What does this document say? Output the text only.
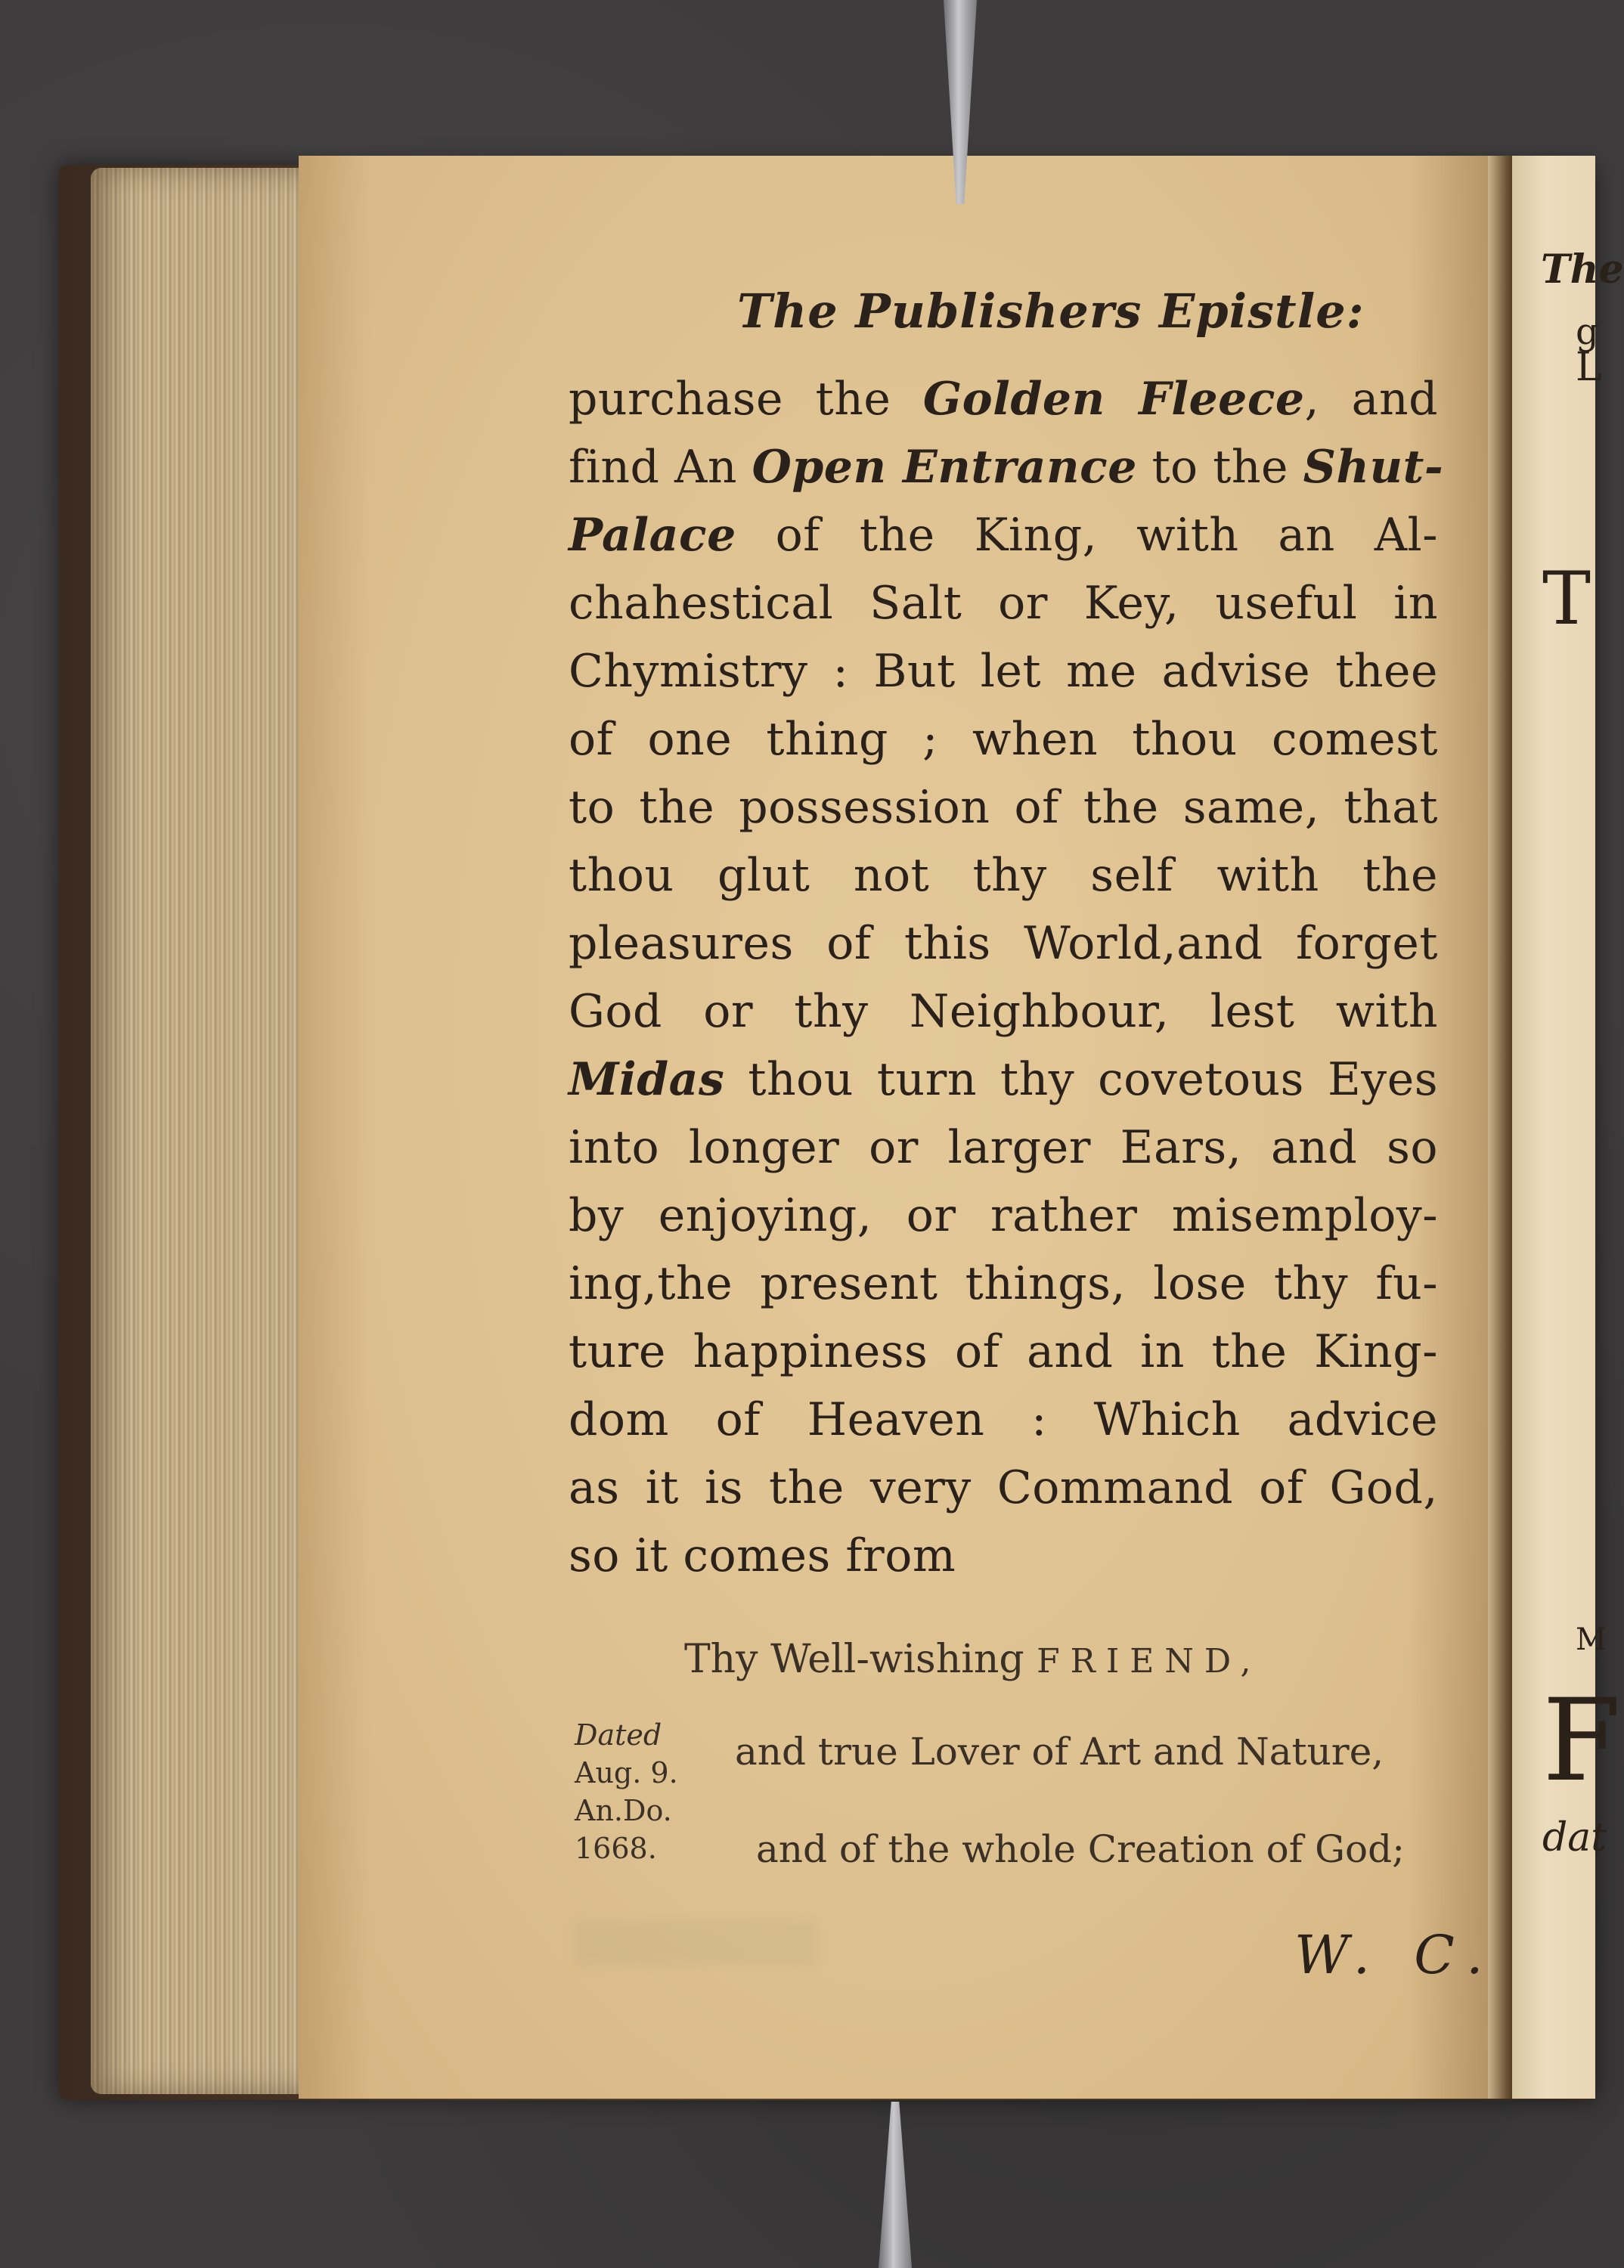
The
g
L
T
M
F
dat
The Publishers Epistle:
purchase the Golden Fleece, and
find An Open Entrance to the Shut-
Palace of the King, with an Al-
chahestical Salt or Key, useful in
Chymistry : But let me advise thee
of one thing ; when thou comest
to the possession of the same, that
thou glut not thy self with the
pleasures of this World,and forget
God or thy Neighbour, lest with
Midas thou turn thy covetous Eyes
into longer or larger Ears, and so
by enjoying, or rather misemploy-
ing,the present things, lose thy fu-
ture happiness of and in the King-
dom of Heaven : Which advice
as it is the very Command of God,
so it comes from
Thy Well-wishing FRIEND,
Dated
Aug. 9.
An.Do.
1668.
and true Lover of Art and Nature,
and of the whole Creation of God;
W. C.
